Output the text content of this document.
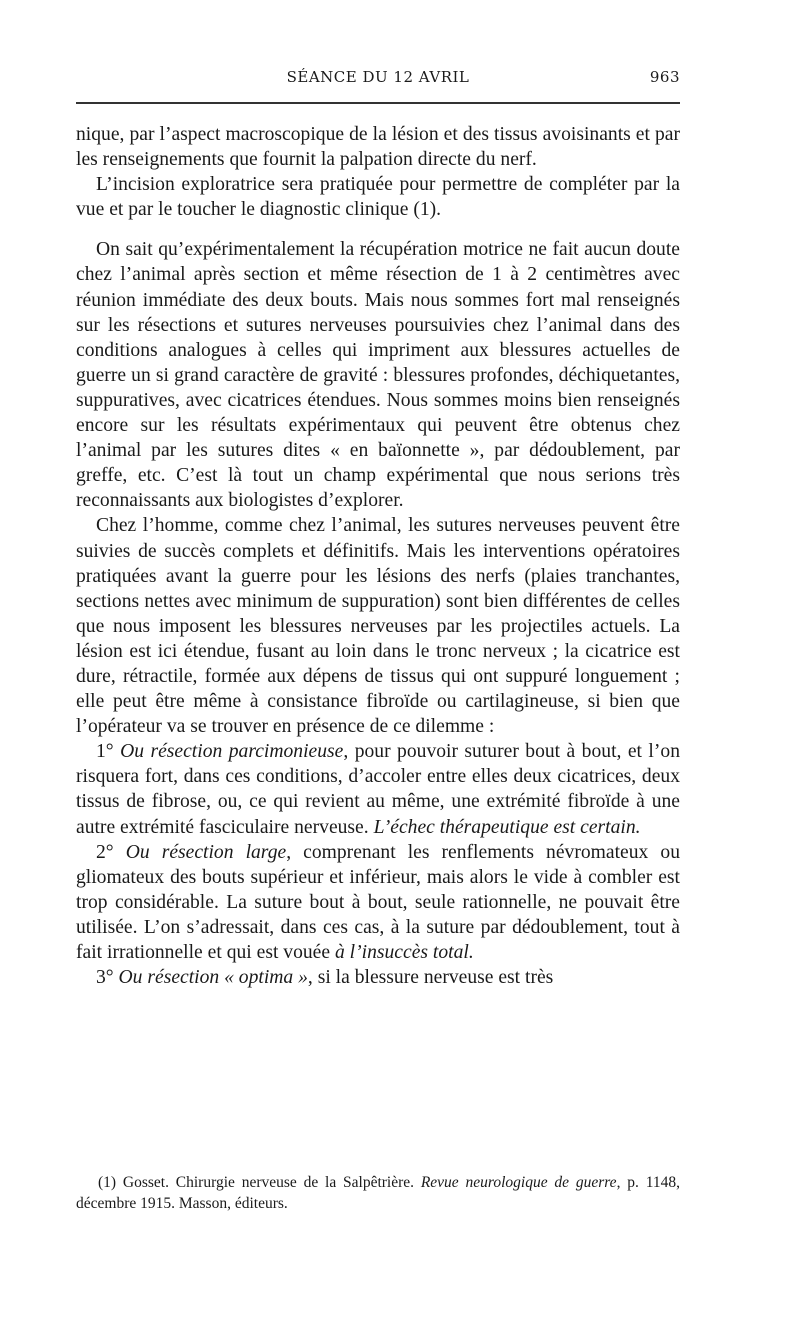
SÉANCE DU 12 AVRIL	963

nique, par l’aspect macroscopique de la lésion et des tissus avoisinants et par les renseignements que fournit la palpation directe du nerf.

L’incision exploratrice sera pratiquée pour permettre de compléter par la vue et par le toucher le diagnostic clinique (1).

On sait qu’expérimentalement la récupération motrice ne fait aucun doute chez l’animal après section et même résection de 1 à 2 centimètres avec réunion immédiate des deux bouts. Mais nous sommes fort mal renseignés sur les résections et sutures nerveuses poursuivies chez l’animal dans des conditions analogues à celles qui impriment aux blessures actuelles de guerre un si grand caractère de gravité : blessures profondes, déchiquetantes, suppuratives, avec cicatrices étendues. Nous sommes moins bien renseignés encore sur les résultats expérimentaux qui peuvent être obtenus chez l’animal par les sutures dites « en baïonnette », par dédoublement, par greffe, etc. C’est là tout un champ expérimental que nous serions très reconnaissants aux biologistes d’explorer.

Chez l’homme, comme chez l’animal, les sutures nerveuses peuvent être suivies de succès complets et définitifs. Mais les interventions opératoires pratiquées avant la guerre pour les lésions des nerfs (plaies tranchantes, sections nettes avec minimum de suppuration) sont bien différentes de celles que nous imposent les blessures nerveuses par les projectiles actuels. La lésion est ici étendue, fusant au loin dans le tronc nerveux ; la cicatrice est dure, rétractile, formée aux dépens de tissus qui ont suppuré longuement ; elle peut être même à consistance fibroïde ou cartilagineuse, si bien que l’opérateur va se trouver en présence de ce dilemme :

1° Ou résection parcimonieuse, pour pouvoir suturer bout à bout, et l’on risquera fort, dans ces conditions, d’accoler entre elles deux cicatrices, deux tissus de fibrose, ou, ce qui revient au même, une extrémité fibroïde à une autre extrémité fasciculaire nerveuse. L’échec thérapeutique est certain.

2° Ou résection large, comprenant les renflements névromateux ou gliomateux des bouts supérieur et inférieur, mais alors le vide à combler est trop considérable. La suture bout à bout, seule rationnelle, ne pouvait être utilisée. L’on s’adressait, dans ces cas, à la suture par dédoublement, tout à fait irrationnelle et qui est vouée à l’insuccès total.

3° Ou résection « optima », si la blessure nerveuse est très

(1) Gosset. Chirurgie nerveuse de la Salpêtrière. Revue neurologique de guerre, p. 1148, décembre 1915. Masson, éditeurs.
